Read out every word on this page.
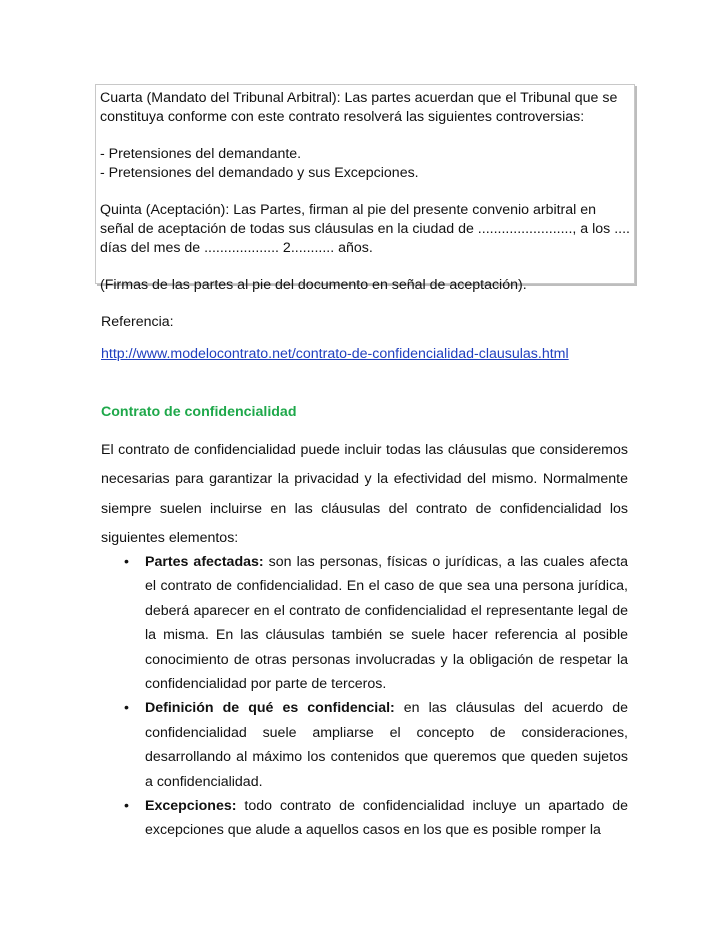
Cuarta (Mandato del Tribunal Arbitral): Las partes acuerdan que el Tribunal que se constituya conforme con este contrato resolverá las siguientes controversias:

- Pretensiones del demandante.

- Pretensiones del demandado y sus Excepciones.

Quinta (Aceptación): Las Partes, firman al pie del presente convenio arbitral en señal de aceptación de todas sus cláusulas en la ciudad de ........................, a los .... días del mes de ................... 2........... años.

(Firmas de las partes al pie del documento en señal de aceptación).

Referencia:

http://www.modelocontrato.net/contrato-de-confidencialidad-clausulas.html

Contrato de confidencialidad

El contrato de confidencialidad puede incluir todas las cláusulas que consideremos necesarias para garantizar la privacidad y la efectividad del mismo. Normalmente siempre suelen incluirse en las cláusulas del contrato de confidencialidad los siguientes elementos:

• Partes afectadas: son las personas, físicas o jurídicas, a las cuales afecta el contrato de confidencialidad. En el caso de que sea una persona jurídica, deberá aparecer en el contrato de confidencialidad el representante legal de la misma. En las cláusulas también se suele hacer referencia al posible conocimiento de otras personas involucradas y la obligación de respetar la confidencialidad por parte de terceros.
• Definición de qué es confidencial: en las cláusulas del acuerdo de confidencialidad suele ampliarse el concepto de consideraciones, desarrollando al máximo los contenidos que queremos que queden sujetos a confidencialidad.
• Excepciones: todo contrato de confidencialidad incluye un apartado de excepciones que alude a aquellos casos en los que es posible romper la
